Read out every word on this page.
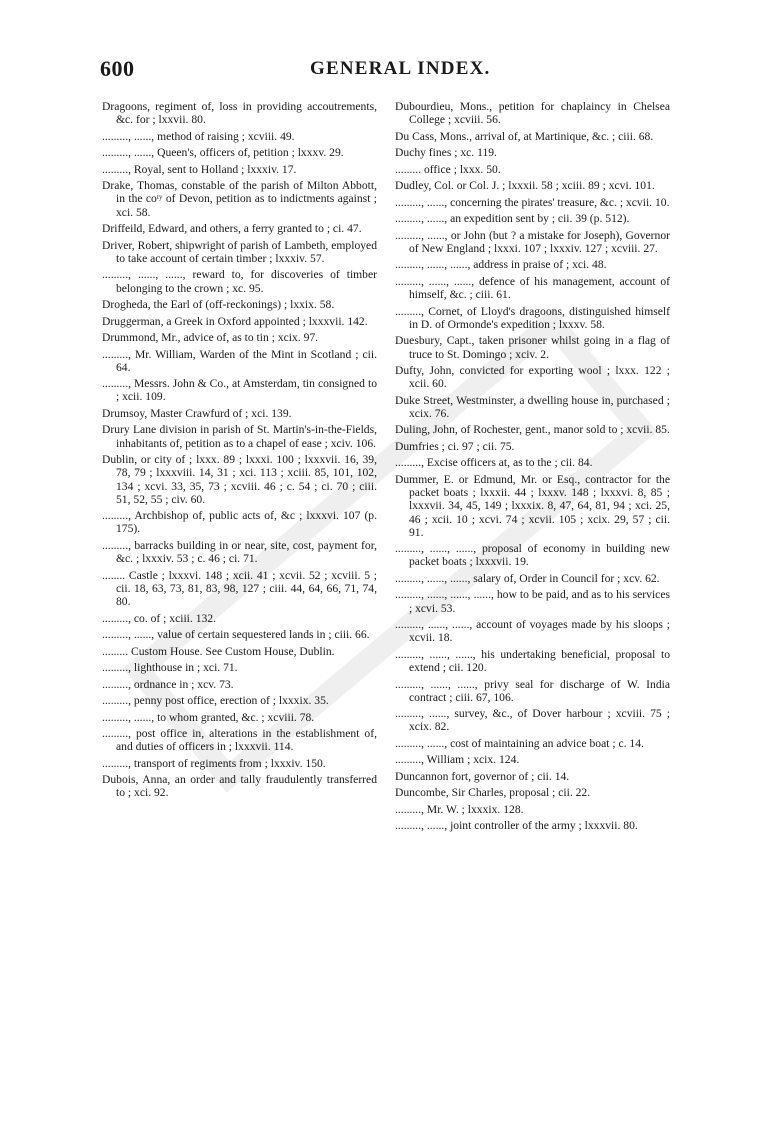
600	GENERAL INDEX.
Dragoons, regiment of, loss in providing accoutrements, &c. for ; lxxvii. 80.
........., ......, method of raising ; xcviii. 49.
........., ......, Queen's, officers of, petition ; lxxxv. 29.
........., Royal, sent to Holland ; lxxxiv. 17.
Drake, Thomas, constable of the parish of Milton Abbott, in the coᵗʸ of Devon, petition as to indictments against ; xci. 58.
Driffeild, Edward, and others, a ferry granted to ; ci. 47.
Driver, Robert, shipwright of parish of Lambeth, employed to take account of certain timber ; lxxxiv. 57.
........., ......, ......, reward to, for discoveries of timber belonging to the crown ; xc. 95.
Drogheda, the Earl of (off-reckonings) ; lxxix. 58.
Druggerman, a Greek in Oxford appointed ; lxxxvii. 142.
Drummond, Mr., advice of, as to tin ; xcix. 97.
........., Mr. William, Warden of the Mint in Scotland ; cii. 64.
........., Messrs. John & Co., at Amsterdam, tin consigned to ; xcii. 109.
Drumsoy, Master Crawfurd of ; xci. 139.
Drury Lane division in parish of St. Martin's-in-the-Fields, inhabitants of, petition as to a chapel of ease ; xciv. 106.
Dublin, or city of ; lxxx. 89 ; lxxxi. 100 ; lxxxvii. 16, 39, 78, 79 ; lxxxviii. 14, 31 ; xci. 113 ; xciii. 85, 101, 102, 134 ; xcvi. 33, 35, 73 ; xcviii. 46 ; c. 54 ; ci. 70 ; ciii. 51, 52, 55 ; civ. 60.
........., Archbishop of, public acts of, &c ; lxxxvi. 107 (p. 175).
........., barracks building in or near, site, cost, payment for, &c. ; lxxxiv. 53 ; c. 46 ; ci. 71.
........ Castle ; lxxxvi. 148 ; xcii. 41 ; xcvii. 52 ; xcviii. 5 ; cii. 18, 63, 73, 81, 83, 98, 127 ; ciii. 44, 64, 66, 71, 74, 80.
........., co. of ; xciii. 132.
........., ......, value of certain sequestered lands in ; ciii. 66.
......... Custom House. See Custom House, Dublin.
........., lighthouse in ; xci. 71.
........., ordnance in ; xcv. 73.
........., penny post office, erection of ; lxxxix. 35.
........., ......, to whom granted, &c. ; xcviii. 78.
........., post office in, alterations in the establishment of, and duties of officers in ; lxxxvii. 114.
........., transport of regiments from ; lxxxiv. 150.
Dubois, Anna, an order and tally fraudulently transferred to ; xci. 92.
Dubourdieu, Mons., petition for chaplaincy in Chelsea College ; xcviii. 56.
Du Cass, Mons., arrival of, at Martinique, &c. ; ciii. 68.
Duchy fines ; xc. 119.
......... office ; lxxx. 50.
Dudley, Col. or Col. J. ; lxxxii. 58 ; xciii. 89 ; xcvi. 101.
........., ......, concerning the pirates' treasure, &c. ; xcvii. 10.
........., ......, an expedition sent by ; cii. 39 (p. 512).
........., ......, or John (but ? a mistake for Joseph), Governor of New England ; lxxxi. 107 ; lxxxiv. 127 ; xcviii. 27.
........., ......, ......, address in praise of ; xci. 48.
........., ......, ......, defence of his management, account of himself, &c. ; ciii. 61.
........., Cornet, of Lloyd's dragoons, distinguished himself in D. of Ormonde's expedition ; lxxxv. 58.
Duesbury, Capt., taken prisoner whilst going in a flag of truce to St. Domingo ; xciv. 2.
Dufty, John, convicted for exporting wool ; lxxx. 122 ; xcii. 60.
Duke Street, Westminster, a dwelling house in, purchased ; xcix. 76.
Duling, John, of Rochester, gent., manor sold to ; xcvii. 85.
Dumfries ; ci. 97 ; cii. 75.
........., Excise officers at, as to the ; cii. 84.
Dummer, E. or Edmund, Mr. or Esq., contractor for the packet boats ; lxxxii. 44 ; lxxxv. 148 ; lxxxvi. 8, 85 ; lxxxvii. 34, 45, 149 ; lxxxix. 8, 47, 64, 81, 94 ; xci. 25, 46 ; xcii. 10 ; xcvi. 74 ; xcvii. 105 ; xcix. 29, 57 ; cii. 91.
........., ......, ......, proposal of economy in building new packet boats ; lxxxvii. 19.
........., ......, ......, salary of, Order in Council for ; xcv. 62.
........., ......, ......, ......, how to be paid, and as to his services ; xcvi. 53.
........., ......, ......, account of voyages made by his sloops ; xcvii. 18.
........., ......, ......, his undertaking beneficial, proposal to extend ; cii. 120.
........., ......, ......, privy seal for discharge of W. India contract ; ciii. 67, 106.
........., ......, survey, &c., of Dover harbour ; xcviii. 75 ; xcix. 82.
........., ......, cost of maintaining an advice boat ; c. 14.
........., William ; xcix. 124.
Duncannon fort, governor of ; cii. 14.
Duncombe, Sir Charles, proposal ; cii. 22.
........., Mr. W. ; lxxxix. 128.
........., ......, joint controller of the army ; lxxxvii. 80.
